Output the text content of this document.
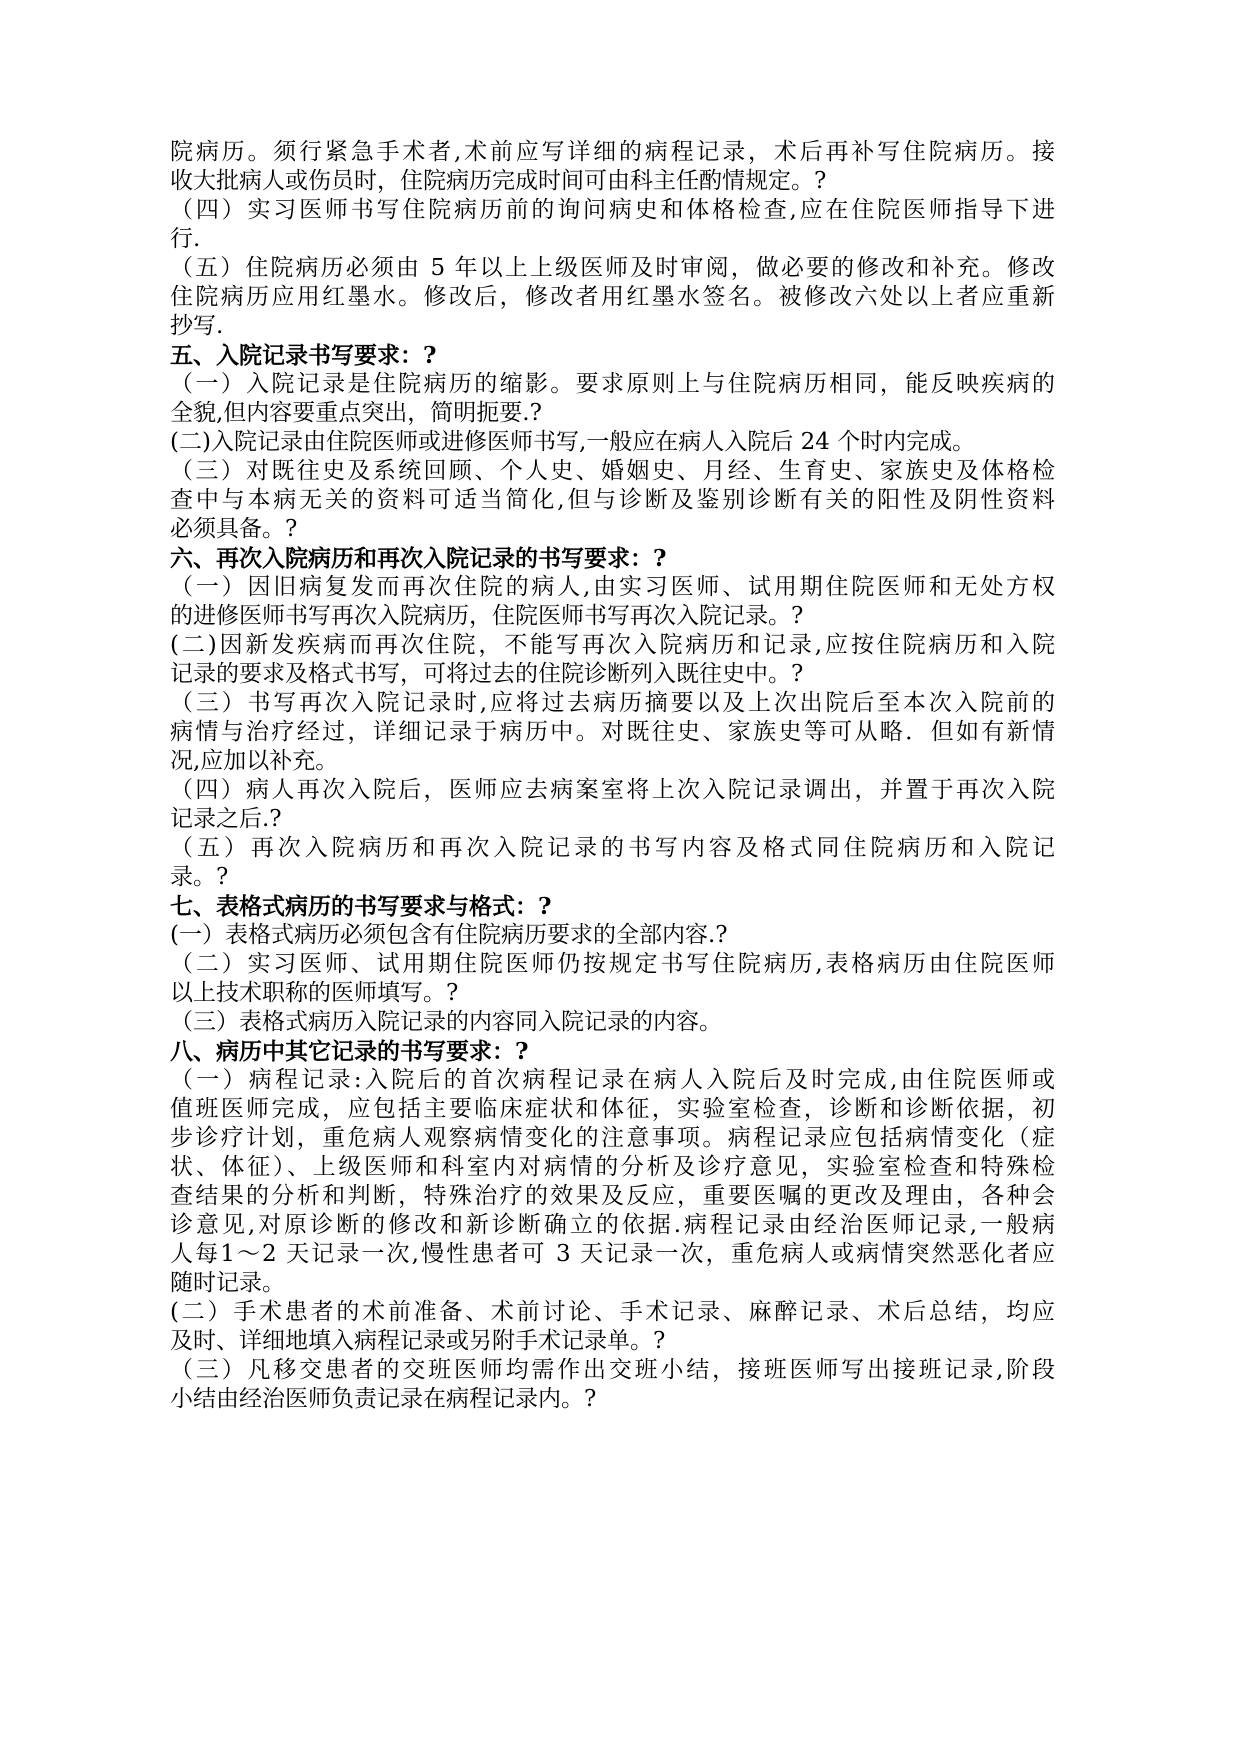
院病历。须行紧急手术者,术前应写详细的病程记录，术后再补写住院病历。接
收大批病人或伤员时，住院病历完成时间可由科主任酌情规定。?
（四）实习医师书写住院病历前的询问病史和体格检查,应在住院医师指导下进
行.
（五）住院病历必须由 5 年以上上级医师及时审阅，做必要的修改和补充。修改
住院病历应用红墨水。修改后，修改者用红墨水签名。被修改六处以上者应重新
抄写.
五、入院记录书写要求：?
（一）入院记录是住院病历的缩影。要求原则上与住院病历相同，能反映疾病的
全貌,但内容要重点突出，简明扼要.?
(二)入院记录由住院医师或进修医师书写,一般应在病人入院后 24 个时内完成。
（三）对既往史及系统回顾、个人史、婚姻史、月经、生育史、家族史及体格检
查中与本病无关的资料可适当简化,但与诊断及鉴别诊断有关的阳性及阴性资料
必须具备。?
六、再次入院病历和再次入院记录的书写要求：?
（一）因旧病复发而再次住院的病人,由实习医师、试用期住院医师和无处方权
的进修医师书写再次入院病历，住院医师书写再次入院记录。?
(二)因新发疾病而再次住院，不能写再次入院病历和记录,应按住院病历和入院
记录的要求及格式书写，可将过去的住院诊断列入既往史中。?
（三）书写再次入院记录时,应将过去病历摘要以及上次出院后至本次入院前的
病情与治疗经过，详细记录于病历中。对既往史、家族史等可从略．但如有新情
况,应加以补充。
（四）病人再次入院后，医师应去病案室将上次入院记录调出，并置于再次入院
记录之后.?
（五）再次入院病历和再次入院记录的书写内容及格式同住院病历和入院记
录。?
七、表格式病历的书写要求与格式：?
(一）表格式病历必须包含有住院病历要求的全部内容.?
（二）实习医师、试用期住院医师仍按规定书写住院病历,表格病历由住院医师
以上技术职称的医师填写。?
（三）表格式病历入院记录的内容同入院记录的内容。
八、病历中其它记录的书写要求：?
（一）病程记录:入院后的首次病程记录在病人入院后及时完成,由住院医师或
值班医师完成，应包括主要临床症状和体征，实验室检查，诊断和诊断依据，初
步诊疗计划，重危病人观察病情变化的注意事项。病程记录应包括病情变化（症
状、体征）、上级医师和科室内对病情的分析及诊疗意见，实验室检查和特殊检
查结果的分析和判断，特殊治疗的效果及反应，重要医嘱的更改及理由，各种会
诊意见,对原诊断的修改和新诊断确立的依据.病程记录由经治医师记录,一般病
人每1～2 天记录一次,慢性患者可 3 天记录一次，重危病人或病情突然恶化者应
随时记录。
(二）手术患者的术前准备、术前讨论、手术记录、麻醉记录、术后总结，均应
及时、详细地填入病程记录或另附手术记录单。?
（三）凡移交患者的交班医师均需作出交班小结，接班医师写出接班记录,阶段
小结由经治医师负责记录在病程记录内。?
